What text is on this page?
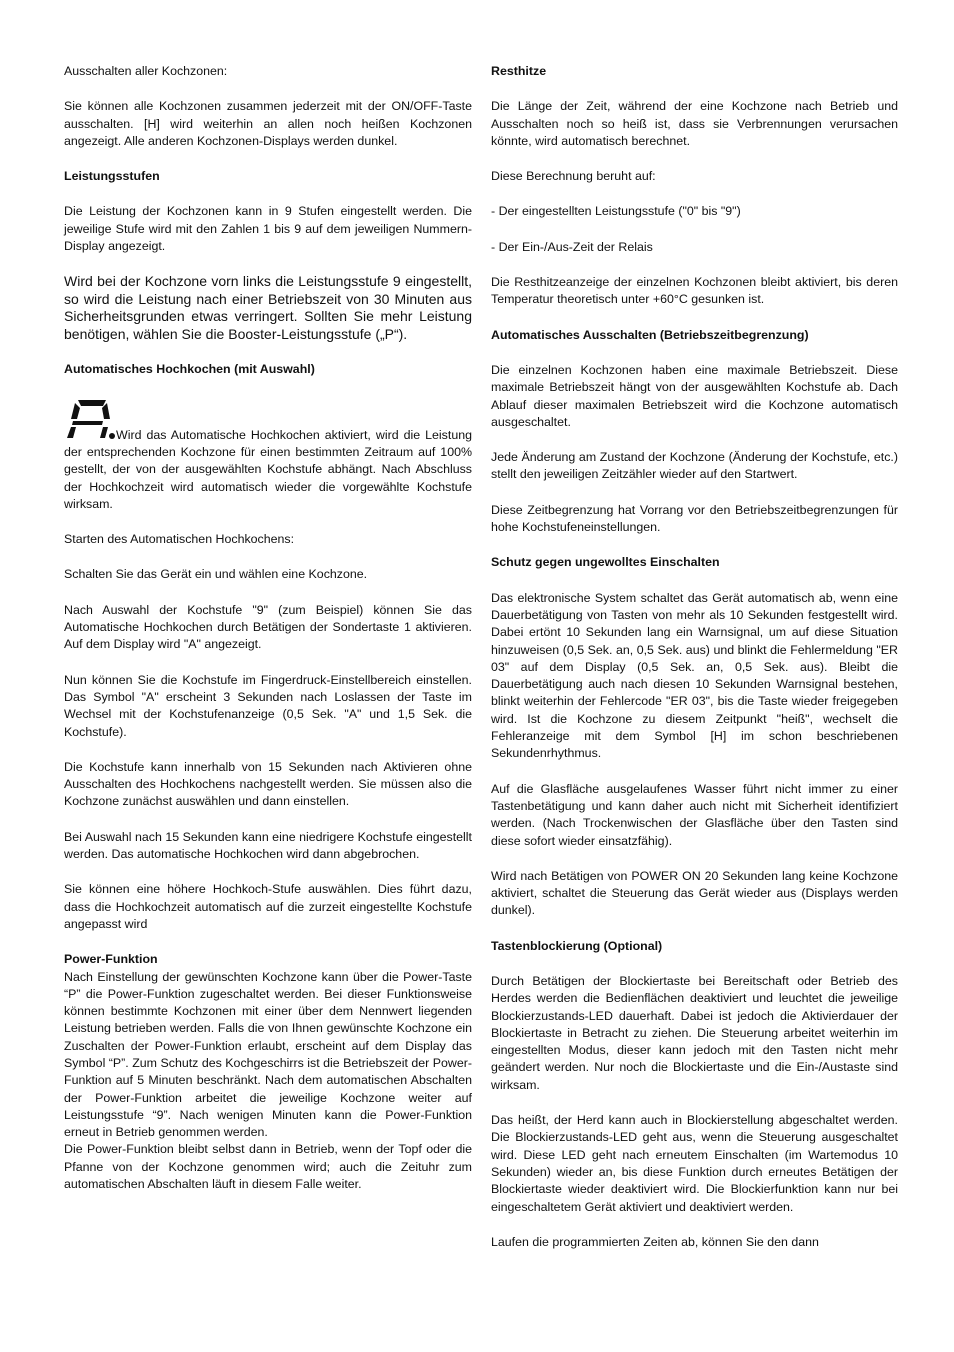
Ausschalten aller Kochzonen:

Sie können alle Kochzonen zusammen jederzeit mit der ON/OFF-Taste ausschalten. [H] wird weiterhin an allen noch heißen Kochzonen angezeigt. Alle anderen Kochzonen-Displays werden dunkel.

Leistungsstufen

Die Leistung der Kochzonen kann in 9 Stufen eingestellt werden. Die jeweilige Stufe wird mit den Zahlen 1 bis 9 auf dem jeweiligen Nummern-Display angezeigt.

Wird bei der Kochzone vorn links die Leistungsstufe 9 eingestellt, so wird die Leistung nach einer Betriebszeit von 30 Minuten aus Sicherheitsgrunden etwas verringert. Sollten Sie mehr Leistung benötigen, wählen Sie die Booster-Leistungsstufe („P“).

Automatisches Hochkochen (mit Auswahl)

Wird das Automatische Hochkochen aktiviert, wird die Leistung der entsprechenden Kochzone für einen bestimmten Zeitraum auf 100% gestellt, der von der ausgewählten Kochstufe abhängt. Nach Abschluss der Hochkochzeit wird automatisch wieder die vorgewählte Kochstufe wirksam.

Starten des Automatischen Hochkochens:

Schalten Sie das Gerät ein und wählen eine Kochzone.

Nach Auswahl der Kochstufe "9" (zum Beispiel) können Sie das Automatische Hochkochen durch Betätigen der Sondertaste 1 aktivieren. Auf dem Display wird "A" angezeigt.

Nun können Sie die Kochstufe im Fingerdruck-Einstellbereich einstellen. Das Symbol "A" erscheint 3 Sekunden nach Loslassen der Taste im Wechsel mit der Kochstufenanzeige (0,5 Sek. "A" und 1,5 Sek. die Kochstufe).

Die Kochstufe kann innerhalb von 15 Sekunden nach Aktivieren ohne Ausschalten des Hochkochens nachgestellt werden. Sie müssen also die Kochzone zunächst auswählen und dann einstellen.

Bei Auswahl nach 15 Sekunden kann eine niedrigere Kochstufe eingestellt werden. Das automatische Hochkochen wird dann abgebrochen.

Sie können eine höhere Hochkoch-Stufe auswählen. Dies führt dazu, dass die Hochkochzeit automatisch auf die zurzeit eingestellte Kochstufe angepasst wird

Power-Funktion

Nach Einstellung der gewünschten Kochzone kann über die Power-Taste “P” die Power-Funktion zugeschaltet werden. Bei dieser Funktionsweise können bestimmte Kochzonen mit einer über dem Nennwert liegenden Leistung betrieben werden. Falls die von Ihnen gewünschte Kochzone ein Zuschalten der Power-Funktion erlaubt, erscheint auf dem Display das Symbol “P”. Zum Schutz des Kochgeschirrs ist die Betriebszeit der Power-Funktion auf 5 Minuten beschränkt. Nach dem automatischen Abschalten der Power-Funktion arbeitet die jeweilige Kochzone weiter auf Leistungsstufe “9”. Nach wenigen Minuten kann die Power-Funktion erneut in Betrieb genommen werden.

Die Power-Funktion bleibt selbst dann in Betrieb, wenn der Topf oder die Pfanne von der Kochzone genommen wird; auch die Zeituhr zum automatischen Abschalten läuft in diesem Falle weiter.

Resthitze

Die Länge der Zeit, während der eine Kochzone nach Betrieb und Ausschalten noch so heiß ist, dass sie Verbrennungen verursachen könnte, wird automatisch berechnet.

Diese Berechnung beruht auf:

- Der eingestellten Leistungsstufe ("0" bis "9")

- Der Ein-/Aus-Zeit der Relais

Die Resthitzeanzeige der einzelnen Kochzonen bleibt aktiviert, bis deren Temperatur theoretisch unter +60°C gesunken ist.

Automatisches Ausschalten (Betriebszeitbegrenzung)

Die einzelnen Kochzonen haben eine maximale Betriebszeit. Diese maximale Betriebszeit hängt von der ausgewählten Kochstufe ab. Dach Ablauf dieser maximalen Betriebszeit wird die Kochzone automatisch ausgeschaltet.

Jede Änderung am Zustand der Kochzone (Änderung der Kochstufe, etc.) stellt den jeweiligen Zeitzähler wieder auf den Startwert.

Diese Zeitbegrenzung hat Vorrang vor den Betriebszeitbegrenzungen für hohe Kochstufeneinstellungen.

Schutz gegen ungewolltes Einschalten

Das elektronische System schaltet das Gerät automatisch ab, wenn eine Dauerbetätigung von Tasten von mehr als 10 Sekunden festgestellt wird. Dabei ertönt 10 Sekunden lang ein Warnsignal, um auf diese Situation hinzuweisen (0,5 Sek. an, 0,5 Sek. aus) und blinkt die Fehlermeldung "ER 03" auf dem Display (0,5 Sek. an, 0,5 Sek. aus). Bleibt die Dauerbetätigung auch nach diesen 10 Sekunden Warnsignal bestehen, blinkt weiterhin der Fehlercode "ER 03", bis die Taste wieder freigegeben wird. Ist die Kochzone zu diesem Zeitpunkt "heiß", wechselt die Fehleranzeige mit dem Symbol [H] im schon beschriebenen Sekundenrhythmus.

Auf die Glasfläche ausgelaufenes Wasser führt nicht immer zu einer Tastenbetätigung und kann daher auch nicht mit Sicherheit identifiziert werden. (Nach Trockenwischen der Glasfläche über den Tasten sind diese sofort wieder einsatzfähig).

Wird nach Betätigen von POWER ON 20 Sekunden lang keine Kochzone aktiviert, schaltet die Steuerung das Gerät wieder aus (Displays werden dunkel).

Tastenblockierung (Optional)

Durch Betätigen der Blockiertaste bei Bereitschaft oder Betrieb des Herdes werden die Bedienflächen deaktiviert und leuchtet die jeweilige Blockierzustands-LED dauerhaft. Dabei ist jedoch die Aktivierdauer der Blockiertaste in Betracht zu ziehen. Die Steuerung arbeitet weiterhin im eingestellten Modus, dieser kann jedoch mit den Tasten nicht mehr geändert werden. Nur noch die Blockiertaste und die Ein-/Austaste sind wirksam.

Das heißt, der Herd kann auch in Blockierstellung abgeschaltet werden. Die Blockierzustands-LED geht aus, wenn die Steuerung ausgeschaltet wird. Diese LED geht nach erneutem Einschalten (im Wartemodus 10 Sekunden) wieder an, bis diese Funktion durch erneutes Betätigen der Blockiertaste wieder deaktiviert wird. Die Blockierfunktion kann nur bei eingeschaltetem Gerät aktiviert und deaktiviert werden.

Laufen die programmierten Zeiten ab, können Sie den dann
